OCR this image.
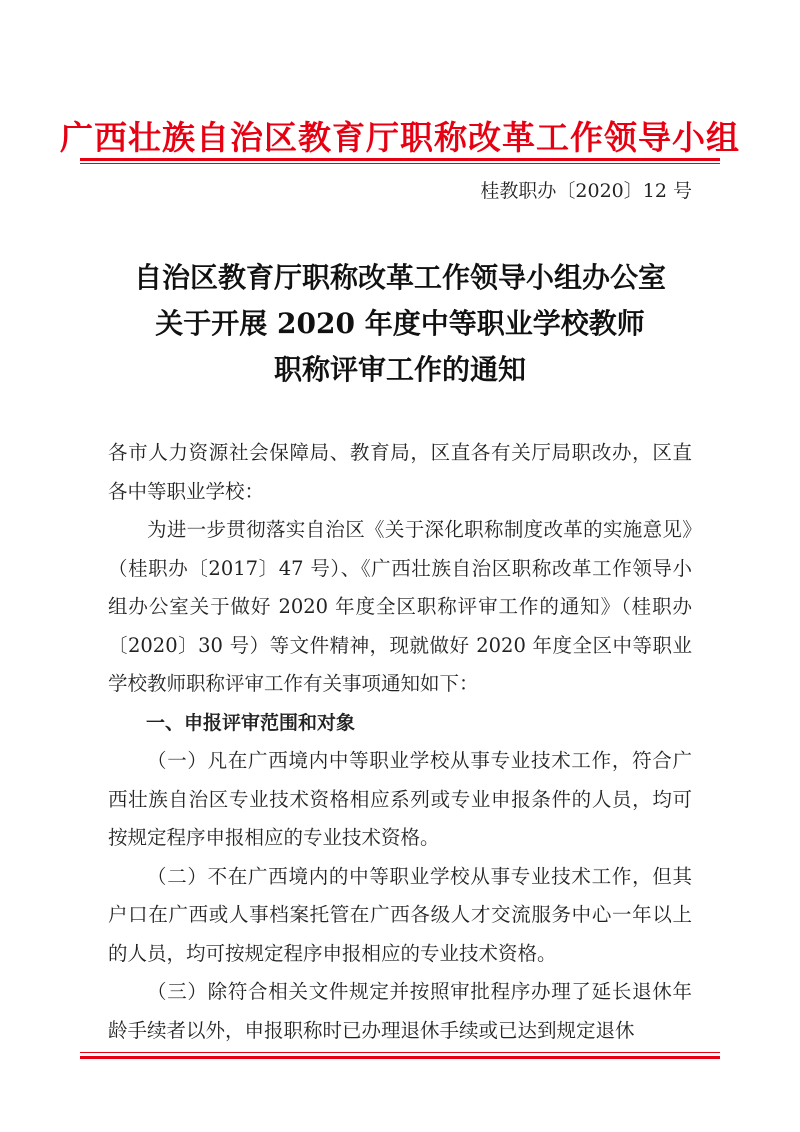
广西壮族自治区教育厅职称改革工作领导小组
桂教职办〔2020〕12 号
自治区教育厅职称改革工作领导小组办公室
关于开展 2020 年度中等职业学校教师
职称评审工作的通知

各市人力资源社会保障局、教育局，区直各有关厅局职改办，区直各中等职业学校：

为进一步贯彻落实自治区《关于深化职称制度改革的实施意见》（桂职办〔2017〕47 号）、《广西壮族自治区职称改革工作领导小组办公室关于做好 2020 年度全区职称评审工作的通知》（桂职办〔2020〕30 号）等文件精神，现就做好 2020 年度全区中等职业学校教师职称评审工作有关事项通知如下：

一、申报评审范围和对象

（一）凡在广西境内中等职业学校从事专业技术工作，符合广西壮族自治区专业技术资格相应系列或专业申报条件的人员，均可按规定程序申报相应的专业技术资格。

（二）不在广西境内的中等职业学校从事专业技术工作，但其户口在广西或人事档案托管在广西各级人才交流服务中心一年以上的人员，均可按规定程序申报相应的专业技术资格。

（三）除符合相关文件规定并按照审批程序办理了延长退休年龄手续者以外，申报职称时已办理退休手续或已达到规定退休
